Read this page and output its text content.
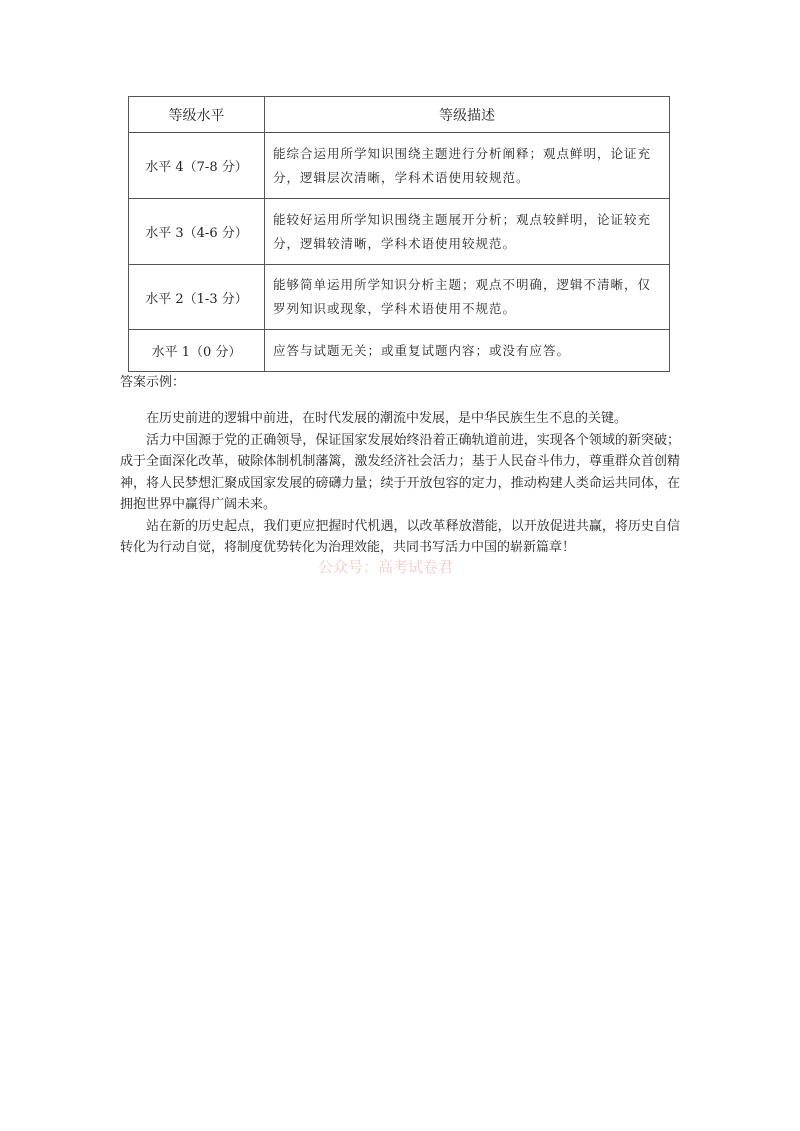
等级水平	等级描述
水平 4（7-8 分）	能综合运用所学知识围绕主题进行分析阐释；观点鲜明，论证充分，逻辑层次清晰，学科术语使用较规范。
水平 3（4-6 分）	能较好运用所学知识围绕主题展开分析；观点较鲜明，论证较充分，逻辑较清晰，学科术语使用较规范。
水平 2（1-3 分）	能够简单运用所学知识分析主题；观点不明确，逻辑不清晰，仅罗列知识或现象，学科术语使用不规范。
水平 1（0 分）	应答与试题无关；或重复试题内容；或没有应答。
答案示例：

在历史前进的逻辑中前进，在时代发展的潮流中发展，是中华民族生生不息的关键。

活力中国源于党的正确领导，保证国家发展始终沿着正确轨道前进，实现各个领域的新突破；成于全面深化改革，破除体制机制藩篱，激发经济社会活力；基于人民奋斗伟力，尊重群众首创精神，将人民梦想汇聚成国家发展的磅礴力量；续于开放包容的定力，推动构建人类命运共同体，在拥抱世界中赢得广阔未来。

站在新的历史起点，我们更应把握时代机遇，以改革释放潜能，以开放促进共赢，将历史自信转化为行动自觉，将制度优势转化为治理效能，共同书写活力中国的崭新篇章！

公众号：高考试卷君
